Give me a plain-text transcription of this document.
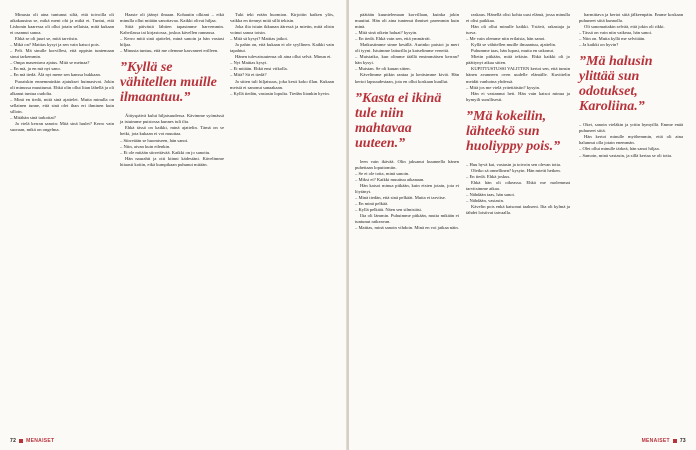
Minusta oli aina tuntunut siltä, että toivoilla oli aikakausina se, mikä meni ohi ja mikä ei. Tuntui, että Lisbonin kaaressa oli ollut jotain sellaista, mitä kukaan ei osannut sanoa.

Ehkä se oli juuri se, mitä tarvitsin.

– Mikä on? Mattias kysyi ja sen vain katsoi pois.

– Pelt. Mä sinulle korvillesi, että oppisin tuntemaan sinut tarkemmin.

– Ompa masentava ajatus. Mitä se meinaa?

– En mä, ja en mä nyt sano.

– En mä tiedä. Älä nyt mene sen kanssa hukkaan.

Puoaiskin ennemminkin ajatukset huimasivat. Jokin oli minussa muuttunut. Ehkä olin ollut liian lähellä ja oli alkanut tuntua oudolta.

– Minä en tiedä, mitä sinä ajattelet. Mutta minulla on sellainen tunne, että sinä olet ihan eri ihminen kuin silloin.

– Mitähän sinä tarkoitat?

Ja vielä kerran sanoin: Mitä sinä luulet? Kerro vain suoraan, mikä on ongelma.

Haaste oli jäänyt ilmaan. Kohautin olkiani – eikä minulla ollut mitään sanottavaa. Kaikki olivat hiljaa.

Siitä päivästä lähtien tapasimme harvemmin. Kahvilassa tai kirjastossa, joskus kävellen rannassa.

– Kerro mitä sinä ajattelet, minä sanoin ja hän vastasi hiljaa.

– Minusta tuntuu, että me olemme kasvaneet erilleen.

”Kyllä se vähitellen muille ilmaantuu.”

Äitiyspäivä kului hiljaisuudessa. Kävimme syömässä ja istuimme puistossa kunnes tuli ilta.

Ehkä tässä on kaikki, minä ajattelin. Tämä on se hetki, jota kukaan ei voi muuttaa.

– Siirretään se huomiseen, hän sanoi.

– Niin, aivan kuin eilenkin.

– Ei ole mitään siirrettävää. Kaikki on jo sanottu.

Hän naurahti ja otti kiinni kädestäni. Kävelimme hitaasti kotiin, eikä kumpikaan puhunut mitään.

Tuki teki erään huomion. Kirjoitin kaiken ylös, vaikka en tiennyt mitä sillä tekisin.

Joka ilta istuin ikkunan ääressä ja mietin, mitä olisin voinut sanoa toisin.

– Mitä sä kysyt? Mattias jatkoi.

Ja pahin on, että kukaan ei ole syyllinen. Kaikki vain tapahtui.

Hänen tulevaisuutensa oli aina ollut selvä. Minun ei.

– Nyt Mattias kysyi.

– Ei mitään. Ehkä ensi viikolla.

– Mitä? Sä et tiedä?

Ja sitten tuli hiljaisuus, joka kesti koko illan. Kukaan meistä ei sanonut sanaakaan.

– Kyllä tiedän, vastasin lopulta. Tiedän liiankin hyvin.

72 MENAISET

päätään kuuntelemaan korvillaan, kuinka jokin muuttui. Hän oli aina tuntenut ihmiset paremmin kuin minä.

– Mitä sinä oikein haluat? kysyin.

– En tiedä. Ehkä vain sen, että ymmärrät.

Matkustimme sinne kesällä. Aurinko paistoi ja meri oli tyyni. Istuimme laiturilla ja katselimme veneitä.

– Muistatko, kun olimme täällä ensimmäisen kerran? hän kysyi.

– Muistan. Se oli kauan sitten.

Kävelimme pitkin rantaa ja keräsimme kiviä. Hän kertoi lapsuudestaan, jota en ollut koskaan kuullut.

”Kasta ei ikinä tule niin mahtavaa uuteen.”

leen vain ikävää. Olin jaksanut kuunnella hänen puhettaan loputtomiin.

– Se ei ole totta, minä sanoin.

– Miksi ei? Kaikki muuttuu aikanaan.

Hän katsoi minua pitkään, kuin etsien jotain, jota ei löytänyt.

– Minä tiedän, että sinä pelkäät. Mutta ei tarvitse.

– En minä pelkää.

– Kyllä pelkäät. Näen sen silmistäsi.

Ilta oli lämmin. Puhuimme pitkään, mutta mikään ei tuntunut ratkeavan.

– Mattias, minä sanoin vihdoin. Minä en voi jatkaa näin.

raskaus. Hänellä olisi kohta uusi elämä, jossa minulla ei olisi paikkaa.

Hän oli ollut minulle kaikki. Ystävä, rakastaja ja turva.

– Me vain olemme niin erilaisia, hän sanoi.

Kyllä se vähitellen muille ilmaantuu, ajattelin.

Puhumme taas, hän lupasi, mutta en uskonut.

Mietin pitkään, mitä tekisin. Ehkä kaikki oli jo päättynyt aikaa sitten.

KUPITTUSTUSSI VALITTEN kertoi sen, että tunsin hänen avanneen oven uudelle elämälle. Kuvittelin meidät vanhoina yhdessä.

– Mitä jos me vielä yritettäisiin? kysyin.

Hän ei vastannut heti. Hän vain katsoi minua ja hymyili surullisesti.

”Mä kokeilin, lähteekö sun huoliyppy pois.”

– Huu hyvä kai, vastasin ja toivoin sen olevan totta.

Oletko sä onnellinen? kysyin. Hän mietti hetken.

– En tiedä. Ehkä joskus.

Ehkä hän oli oikeassa. Ehkä me molemmat tarvitsimme aikaa.

– Nähdään taas, hän sanoi.

– Nähdään, vastasin.

Kävelin pois enkä katsonut taakseni. Ilta oli kylmä ja tähdet loistivat taivaalla.

harmittava ja kertoi siitä jälkeenpäin. Emme koskaan puhuneet siitä kunnolla.

Oli sanomattakin selvää, että jokin oli rikki.

– Tässä on vain niin vaikeaa, hän sanoi.

– Niin on. Mutta kyllä me selvitään.

– Ja kaikki on hyvin?

”Mä halusin ylittää sun odotukset, Karoliina.”

– Okei, sanoin vieläkin ja yritin hymyillä. Emme enää puhuneet siitä.

Hän kertoi minulle myöhemmin, että oli aina halunnut olla jotain enemmän.

– Olet ollut minulle tärkeä, hän sanoi hiljaa.

– Samoin, minä vastasin, ja sillä kertaa se oli totta.

MENAISET 73
